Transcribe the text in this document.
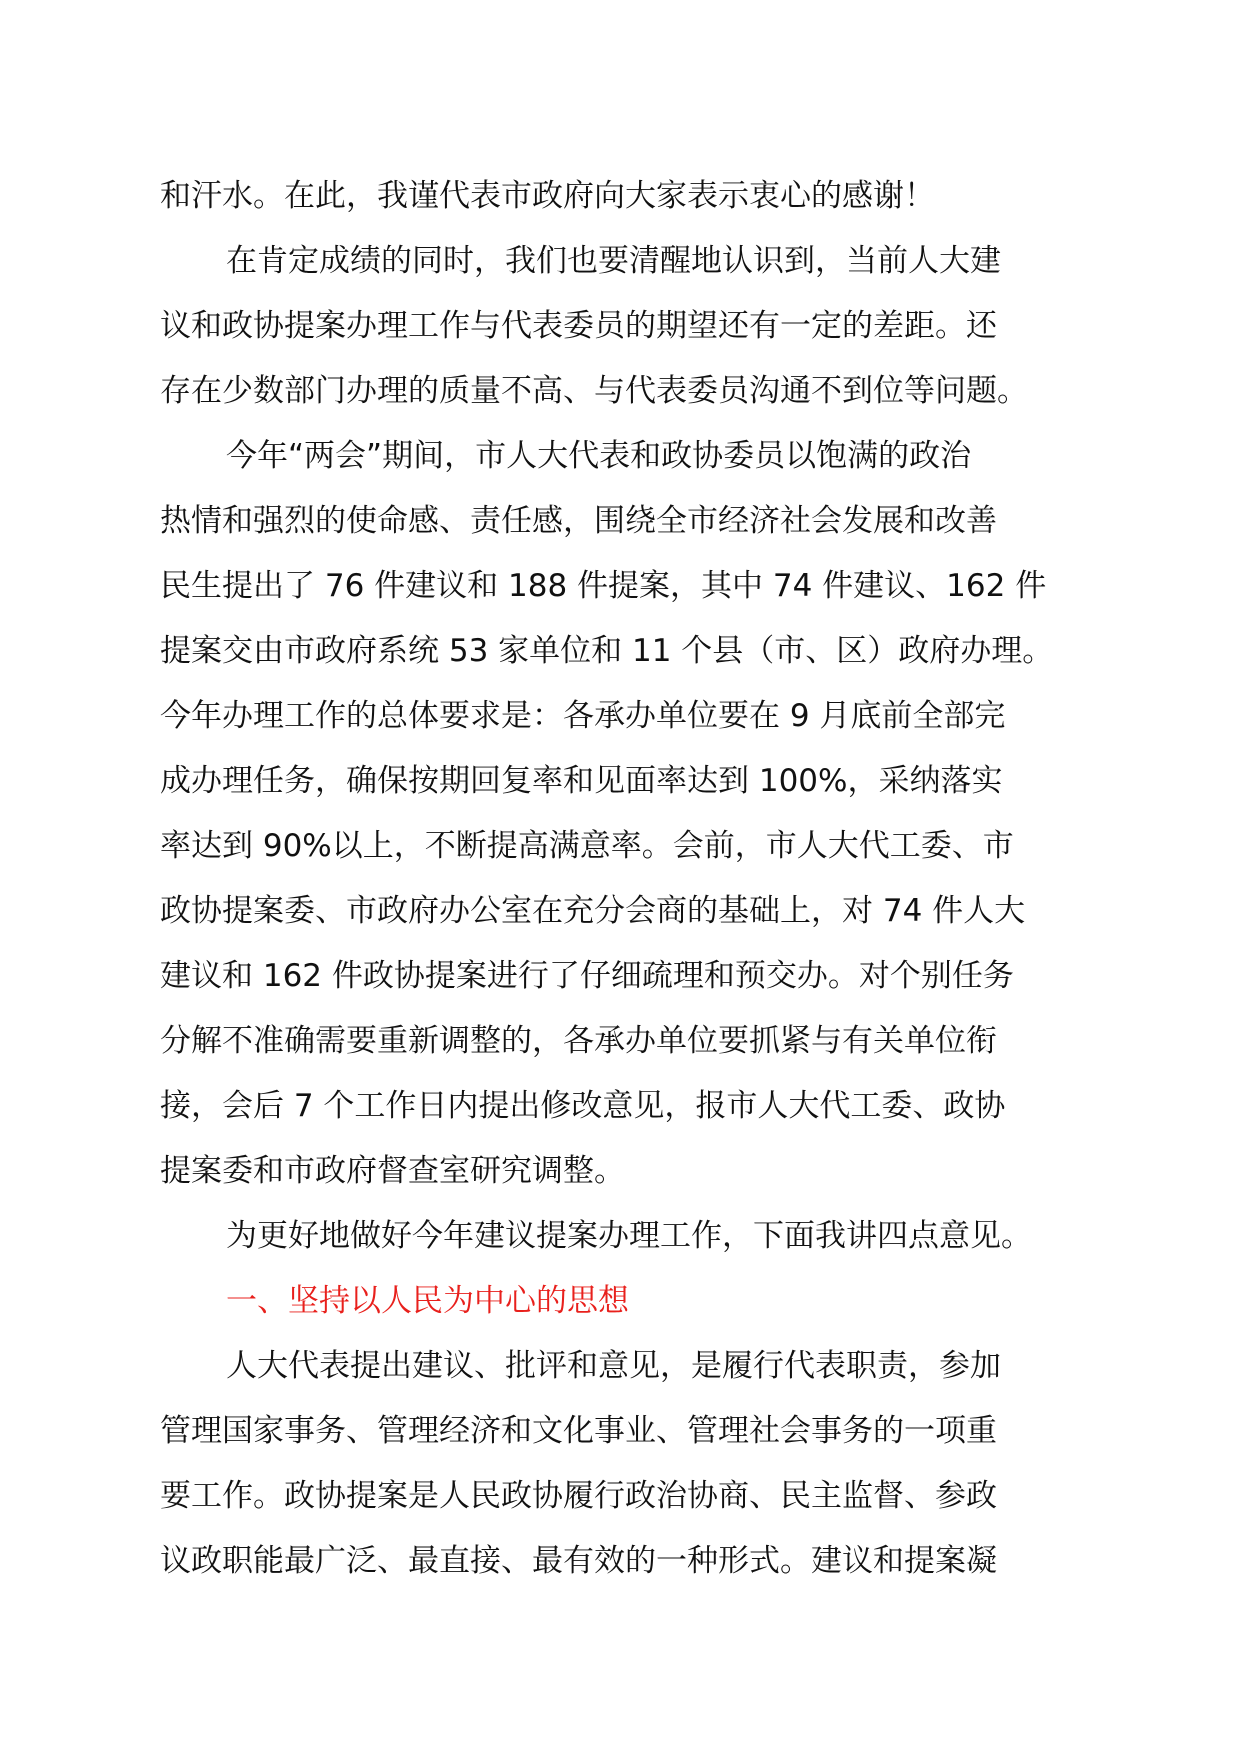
和汗水。在此，我谨代表市政府向大家表示衷心的感谢！
在肯定成绩的同时，我们也要清醒地认识到，当前人大建
议和政协提案办理工作与代表委员的期望还有一定的差距。还
存在少数部门办理的质量不高、与代表委员沟通不到位等问题。
今年“两会”期间，市人大代表和政协委员以饱满的政治
热情和强烈的使命感、责任感，围绕全市经济社会发展和改善
民生提出了 76 件建议和 188 件提案，其中 74 件建议、162 件
提案交由市政府系统 53 家单位和 11 个县（市、区）政府办理。
今年办理工作的总体要求是：各承办单位要在 9 月底前全部完
成办理任务，确保按期回复率和见面率达到 100%，采纳落实
率达到 90%以上，不断提高满意率。会前，市人大代工委、市
政协提案委、市政府办公室在充分会商的基础上，对 74 件人大
建议和 162 件政协提案进行了仔细疏理和预交办。对个别任务
分解不准确需要重新调整的，各承办单位要抓紧与有关单位衔
接，会后 7 个工作日内提出修改意见，报市人大代工委、政协
提案委和市政府督查室研究调整。
为更好地做好今年建议提案办理工作，下面我讲四点意见。
一、坚持以人民为中心的思想
人大代表提出建议、批评和意见，是履行代表职责，参加
管理国家事务、管理经济和文化事业、管理社会事务的一项重
要工作。政协提案是人民政协履行政治协商、民主监督、参政
议政职能最广泛、最直接、最有效的一种形式。建议和提案凝
